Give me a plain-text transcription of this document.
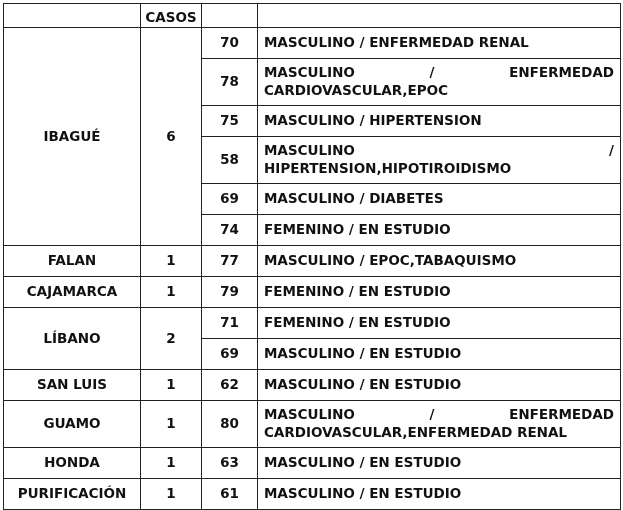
	CASOS		
IBAGUÉ	6	70	MASCULINO / ENFERMEDAD RENAL
		78	MASCULINO / ENFERMEDAD CARDIOVASCULAR,EPOC
		75	MASCULINO / HIPERTENSION
		58	MASCULINO / HIPERTENSION,HIPOTIROIDISMO
		69	MASCULINO / DIABETES
		74	FEMENINO / EN ESTUDIO
FALAN	1	77	MASCULINO / EPOC,TABAQUISMO
CAJAMARCA	1	79	FEMENINO / EN ESTUDIO
LÍBANO	2	71	FEMENINO / EN ESTUDIO
		69	MASCULINO / EN ESTUDIO
SAN LUIS	1	62	MASCULINO / EN ESTUDIO
GUAMO	1	80	MASCULINO / ENFERMEDAD CARDIOVASCULAR,ENFERMEDAD RENAL
HONDA	1	63	MASCULINO / EN ESTUDIO
PURIFICACIÓN	1	61	MASCULINO / EN ESTUDIO
